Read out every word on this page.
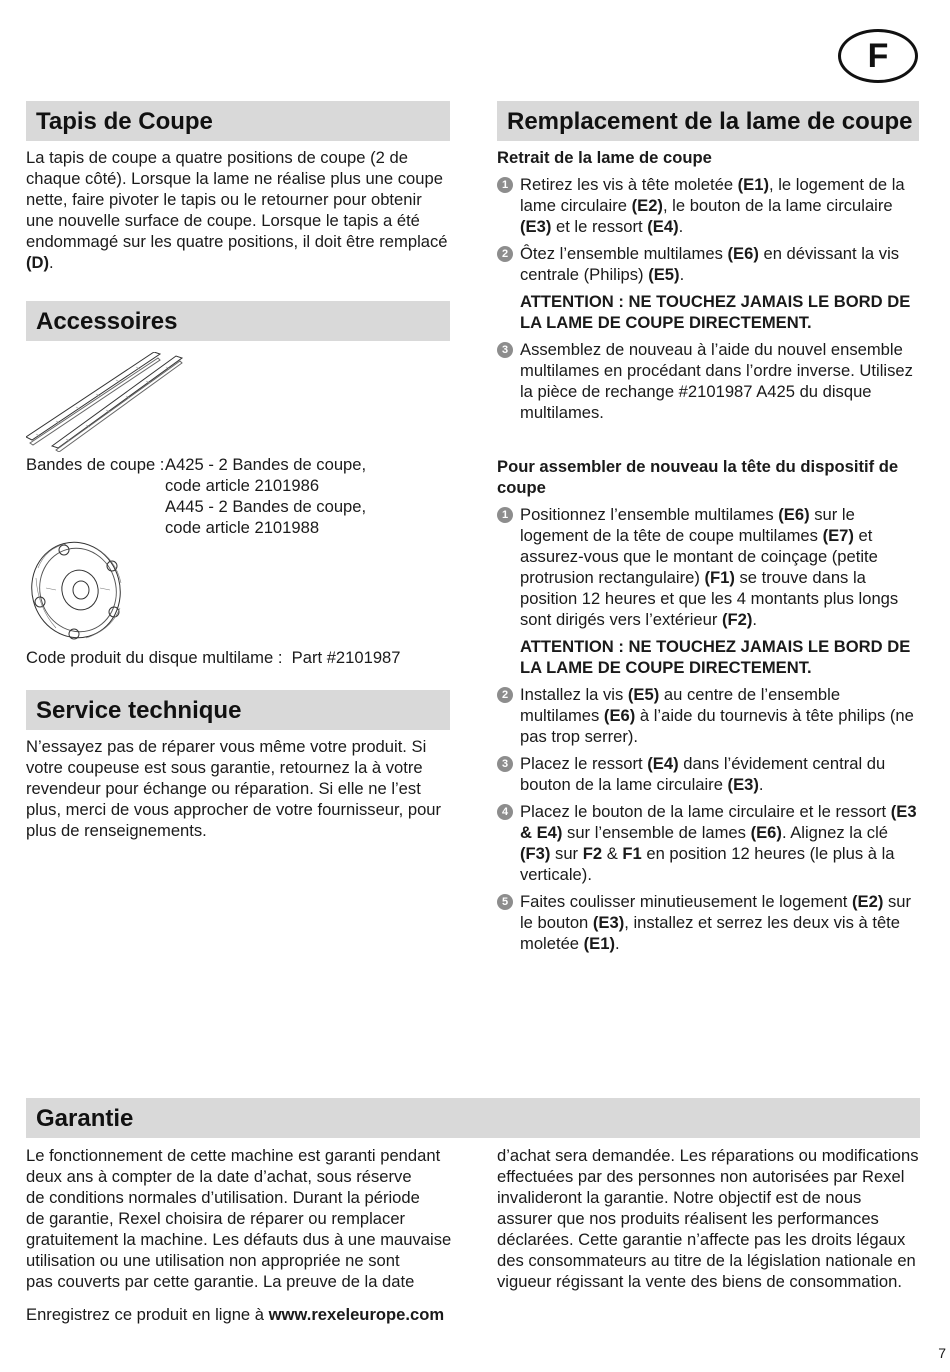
F
Tapis de Coupe

La tapis de coupe a quatre positions de coupe (2 de chaque côté). Lorsque la lame ne réalise plus une coupe nette, faire pivoter le tapis ou le retourner pour obtenir une nouvelle surface de coupe. Lorsque le tapis a été endommagé sur les quatre positions, il doit être remplacé (D).

Accessoires
Bandes de coupe : A425 - 2 Bandes de coupe,
code article 2101986
A445 - 2 Bandes de coupe,
code article 2101988

Code produit du disque multilame :  Part #2101987

Service technique

N’essayez pas de réparer vous même votre produit. Si votre coupeuse est sous garantie, retournez la à votre revendeur pour échange ou réparation. Si elle ne l’est plus, merci de vous approcher de votre fournisseur, pour plus de renseignements.

Remplacement de la lame de coupe

Retrait de la lame de coupe

1 Retirez les vis à tête moletée (E1), le logement de la lame circulaire (E2), le bouton de la lame circulaire (E3) et le ressort (E4).

2 Ôtez l’ensemble multilames (E6) en dévissant la vis centrale (Philips) (E5).

ATTENTION : NE TOUCHEZ JAMAIS LE BORD DE LA LAME DE COUPE DIRECTEMENT.

3 Assemblez de nouveau à l’aide du nouvel ensemble multilames en procédant dans l’ordre inverse. Utilisez la pièce de rechange #2101987 A425 du disque multilames.

Pour assembler de nouveau la tête du dispositif de coupe

1 Positionnez l’ensemble multilames (E6) sur le logement de la tête de coupe multilames (E7) et assurez-vous que le montant de coinçage (petite protrusion rectangulaire) (F1) se trouve dans la position 12 heures et que les 4 montants plus longs sont dirigés vers l’extérieur (F2).

ATTENTION : NE TOUCHEZ JAMAIS LE BORD DE LA LAME DE COUPE DIRECTEMENT.

2 Installez la vis (E5) au centre de l’ensemble multilames (E6) à l’aide du tournevis à tête philips (ne pas trop serrer).

3 Placez le ressort (E4) dans l’évidement central du bouton de la lame circulaire (E3).

4 Placez le bouton de la lame circulaire et le ressort (E3 & E4) sur l’ensemble de lames (E6). Alignez la clé (F3) sur F2 & F1 en position 12 heures (le plus à la verticale).

5 Faites coulisser minutieusement le logement (E2) sur le bouton (E3), installez et serrez les deux vis à tête moletée (E1).

Garantie
Le fonctionnement de cette machine est garanti pendant
deux ans à compter de la date d’achat, sous réserve
de conditions normales d’utilisation. Durant la période
de garantie, Rexel choisira de réparer ou remplacer
gratuitement la machine. Les défauts dus à une mauvaise
utilisation ou une utilisation non appropriée ne sont
pas couverts par cette garantie. La preuve de la date
Enregistrez ce produit en ligne à www.rexeleurope.com
d’achat sera demandée. Les réparations ou modifications
effectuées par des personnes non autorisées par Rexel
invalideront la garantie. Notre objectif est de nous
assurer que nos produits réalisent les performances
déclarées. Cette garantie n’affecte pas les droits légaux
des consommateurs au titre de la législation nationale en
vigueur régissant la vente des biens de consommation.
7
